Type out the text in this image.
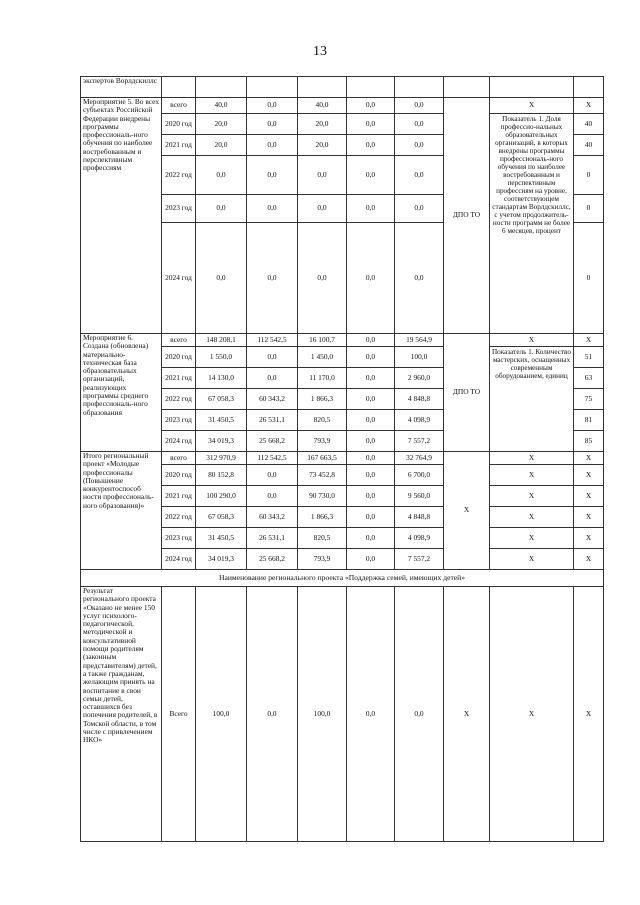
13
экспертов Ворлдскиллс									
Мероприятие 5. Во всех субъектах Российской Федерации внедрены программы профессиональ-ного обучения по наиболее востребованным и перспективным профессиям	всего	40,0	0,0	40,0	0,0	0,0	ДПО ТО	X	X
	2020 год	20,0	0,0	20,0	0,0	0,0		Показатель 1. Доля профессио-нальных образовательных организаций, в которых внедрены программы профессиональ-ного обучения по наиболее востребованным и перспективным профессиям на уровне, соответствующем стандартам Ворлдскиллс, с учетом продолжитель-ности программ не более 6 месяцев, процент	40
	2021 год	20,0	0,0	20,0	0,0	0,0			40
	2022 год	0,0	0,0	0,0	0,0	0,0			0
	2023 год	0,0	0,0	0,0	0,0	0,0			0
	2024 год	0,0	0,0	0,0	0,0	0,0			0
Мероприятие 6. Создана (обновлена) материально-техническая база образовательных организаций, реализующих программы среднего профессиональ-ного образования	всего	148 208,1	112 542,5	16 100,7	0,0	19 564,9	ДПО ТО	X	X
	2020 год	1 550,0	0,0	1 450,0	0,0	100,0		Показатель 1. Количество мастерских, оснащенных современным оборудованием, единиц	51
	2021 год	14 130,0	0,0	11 170,0	0,0	2 960,0			63
	2022 год	67 058,3	60 343,2	1 866,3	0,0	4 848,8			75
	2023 год	31 450,5	26 531,1	820,5	0,0	4 098,9			81
	2024 год	34 019,3	25 668,2	793,9	0,0	7 557,2			85
Итого региональный проект «Молодые профессионалы (Повышение конкурентоспособ ности профессиональ-ного образования)»	всего	312 970,9	112 542,5	167 663,5	0,0	32 764,9	X	X	X
	2020 год	80 152,8	0,0	73 452,8	0,0	6 700,0		X	X
	2021 год	100 290,0	0,0	90 730,0	0,0	9 560,0		X	X
	2022 год	67 058,3	60 343,2	1 866,3	0,0	4 848,8		X	X
	2023 год	31 450,5	26 531,1	820,5	0,0	4 098,9		X	X
	2024 год	34 019,3	25 668,2	793,9	0,0	7 557,2		X	X
Наименование регионального проекта «Поддержка семей, имеющих детей»									
Результат регионального проекта «Оказано не менее 150 услуг психолого-педагогической, методической и консультативной помощи родителям (законным представителям) детей, а также гражданам, желающим принять на воспитание в свои семьи детей, оставшихся без попечения родителей, в Томской области, в том числе с привлечением НКО»	Всего	100,0	0,0	100,0	0,0	0,0	X	X	X
